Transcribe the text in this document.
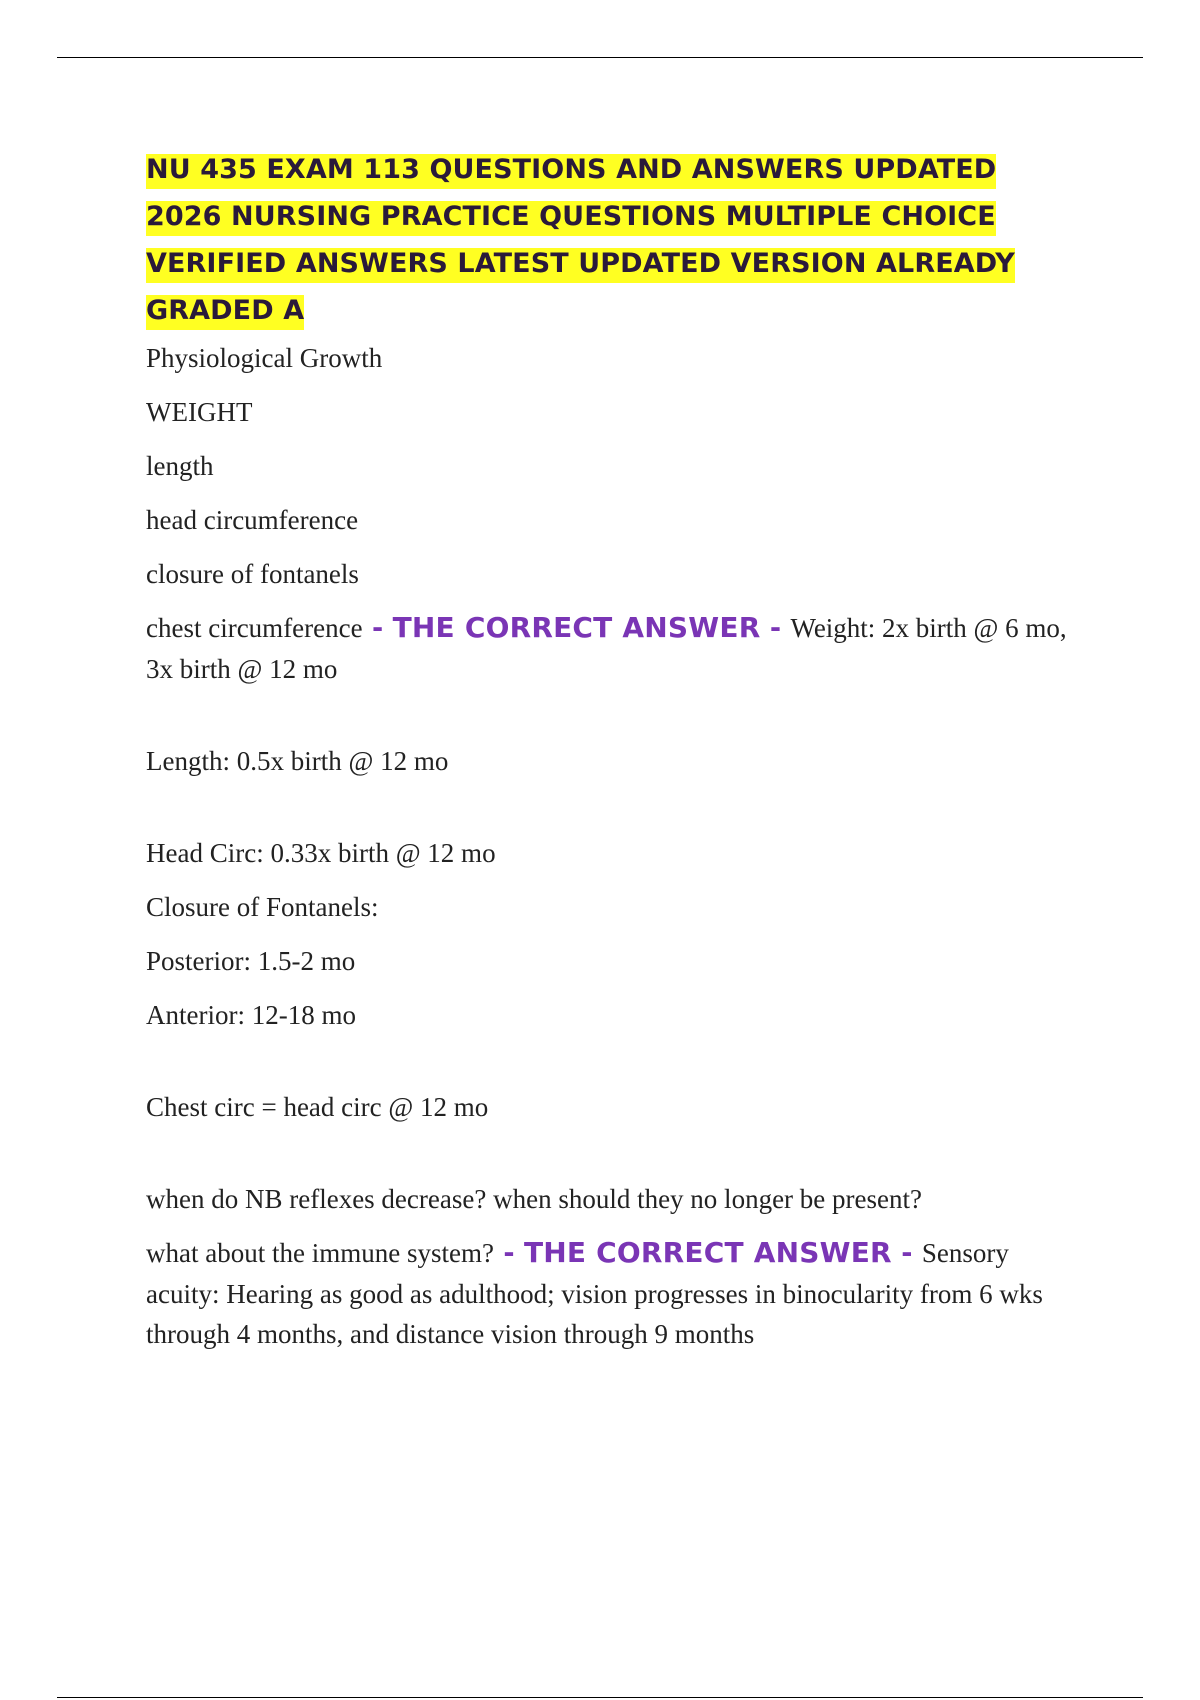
NU 435 EXAM 113 QUESTIONS AND ANSWERS UPDATED 2026 NURSING PRACTICE QUESTIONS MULTIPLE CHOICE VERIFIED ANSWERS LATEST UPDATED VERSION ALREADY GRADED A
Physiological Growth
WEIGHT
length
head circumference
closure of fontanels
chest circumference - THE CORRECT ANSWER - Weight: 2x birth @ 6 mo, 3x birth @ 12 mo
Length: 0.5x birth @ 12 mo
Head Circ: 0.33x birth @ 12 mo
Closure of Fontanels:
Posterior: 1.5-2 mo
Anterior: 12-18 mo
Chest circ = head circ @ 12 mo
when do NB reflexes decrease? when should they no longer be present?
what about the immune system? - THE CORRECT ANSWER - Sensory acuity: Hearing as good as adulthood; vision progresses in binocularity from 6 wks through 4 months, and distance vision through 9 months
